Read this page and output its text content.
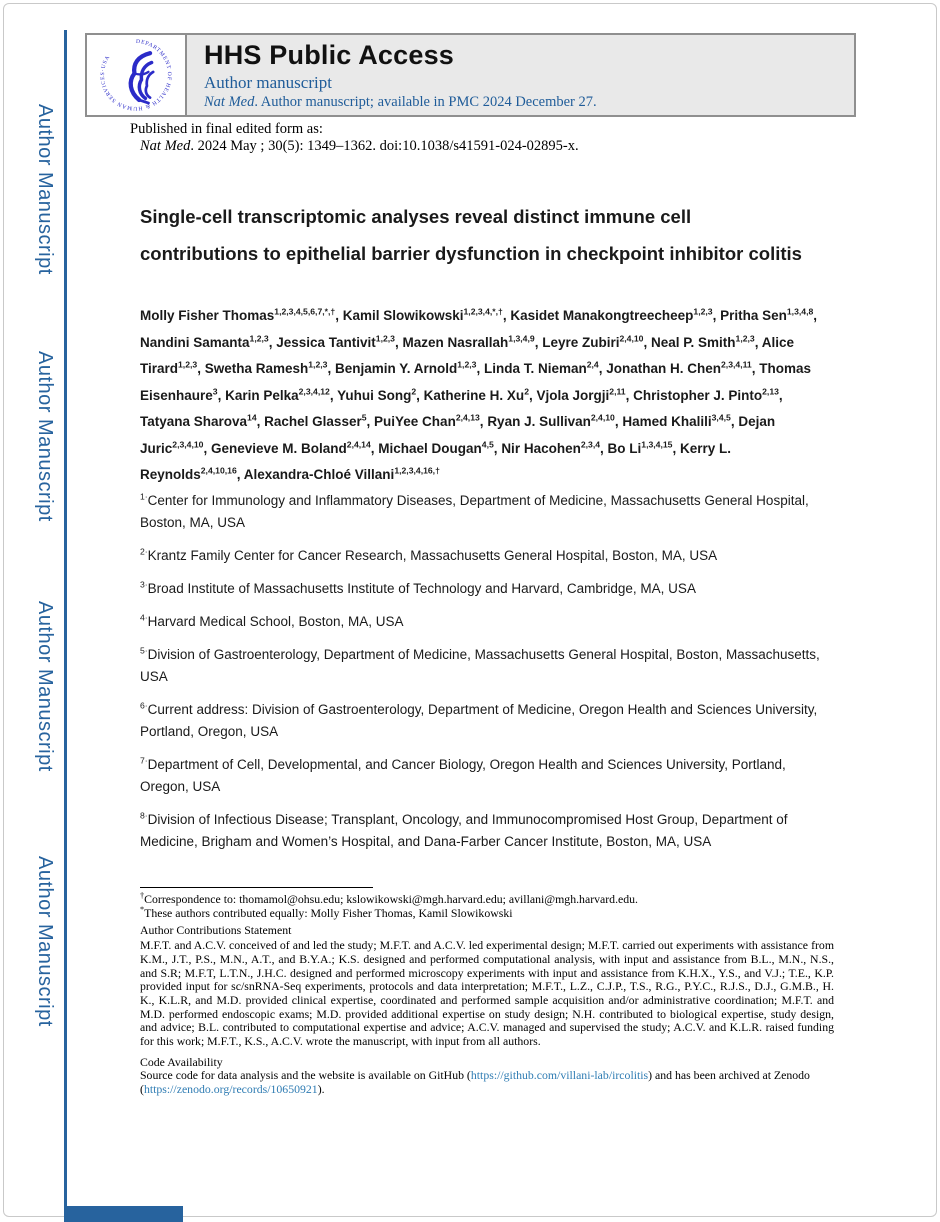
Author Manuscript
Author Manuscript
Author Manuscript
Author Manuscript
DEPARTMENT OF HEALTH & HUMAN SERVICES·USA	HHS Public Access
Author manuscript
Nat Med. Author manuscript; available in PMC 2024 December 27.
Published in final edited form as:
Nat Med. 2024 May ; 30(5): 1349–1362. doi:10.1038/s41591-024-02895-x.
Single-cell transcriptomic analyses reveal distinct immune cell contributions to epithelial barrier dysfunction in checkpoint inhibitor colitis
Molly Fisher Thomas$^{1,2,3,4,5,6,7,*,\dagger}$, Kamil Slowikowski$^{1,2,3,4,*,\dagger}$, Kasidet Manakongtreecheep$^{1,2,3}$, Pritha Sen$^{1,3,4,8}$, Nandini Samanta$^{1,2,3}$, Jessica Tantivit$^{1,2,3}$, Mazen Nasrallah$^{1,3,4,9}$, Leyre Zubiri$^{2,4,10}$, Neal P. Smith$^{1,2,3}$, Alice Tirard$^{1,2,3}$, Swetha Ramesh$^{1,2,3}$, Benjamin Y. Arnold$^{1,2,3}$, Linda T. Nieman$^{2,4}$, Jonathan H. Chen$^{2,3,4,11}$, Thomas Eisenhaure$^3$, Karin Pelka$^{2,3,4,12}$, Yuhui Song$^2$, Katherine H. Xu$^2$, Vjola Jorgji$^{2,11}$, Christopher J. Pinto$^{2,13}$, Tatyana Sharova$^{14}$, Rachel Glasser$^5$, PuiYee Chan$^{2,4,13}$, Ryan J. Sullivan$^{2,4,10}$, Hamed Khalili$^{3,4,5}$, Dejan Juric$^{2,3,4,10}$, Genevieve M. Boland$^{2,4,14}$, Michael Dougan$^{4,5}$, Nir Hacohen$^{2,3,4}$, Bo Li$^{1,3,4,15}$, Kerry L. Reynolds$^{2,4,10,16}$, Alexandra-Chloé Villani$^{1,2,3,4,16,\dagger}$
$^{1\cdot}$Center for Immunology and Inflammatory Diseases, Department of Medicine, Massachusetts General Hospital, Boston, MA, USA
$^{2\cdot}$Krantz Family Center for Cancer Research, Massachusetts General Hospital, Boston, MA, USA
$^{3\cdot}$Broad Institute of Massachusetts Institute of Technology and Harvard, Cambridge, MA, USA
$^{4\cdot}$Harvard Medical School, Boston, MA, USA
$^{5\cdot}$Division of Gastroenterology, Department of Medicine, Massachusetts General Hospital, Boston, Massachusetts, USA
$^{6\cdot}$Current address: Division of Gastroenterology, Department of Medicine, Oregon Health and Sciences University, Portland, Oregon, USA
$^{7\cdot}$Department of Cell, Developmental, and Cancer Biology, Oregon Health and Sciences University, Portland, Oregon, USA
$^{8\cdot}$Division of Infectious Disease; Transplant, Oncology, and Immunocompromised Host Group, Department of Medicine, Brigham and Women’s Hospital, and Dana-Farber Cancer Institute, Boston, MA, USA
†Correspondence to: thomamol@ohsu.edu; kslowikowski@mgh.harvard.edu; avillani@mgh.harvard.edu.
*These authors contributed equally: Molly Fisher Thomas, Kamil Slowikowski
Author Contributions Statement
M.F.T. and A.C.V. conceived of and led the study; M.F.T. and A.C.V. led experimental design; M.F.T. carried out experiments with assistance from K.M., J.T., P.S., M.N., A.T., and B.Y.A.; K.S. designed and performed computational analysis, with input and assistance from B.L., M.N., N.S., and S.R; M.F.T, L.T.N., J.H.C. designed and performed microscopy experiments with input and assistance from K.H.X., Y.S., and V.J.; T.E., K.P. provided input for sc/snRNA-Seq experiments, protocols and data interpretation; M.F.T., L.Z., C.J.P., T.S., R.G., P.Y.C., R.J.S., D.J., G.M.B., H. K., K.L.R, and M.D. provided clinical expertise, coordinated and performed sample acquisition and/or administrative coordination; M.F.T. and M.D. performed endoscopic exams; M.D. provided additional expertise on study design; N.H. contributed to biological expertise, study design, and advice; B.L. contributed to computational expertise and advice; A.C.V. managed and supervised the study; A.C.V. and K.L.R. raised funding for this work; M.F.T., K.S., A.C.V. wrote the manuscript, with input from all authors.
Code Availability
Source code for data analysis and the website is available on GitHub (https://github.com/villani-lab/ircolitis) and has been archived at Zenodo (https://zenodo.org/records/10650921).
